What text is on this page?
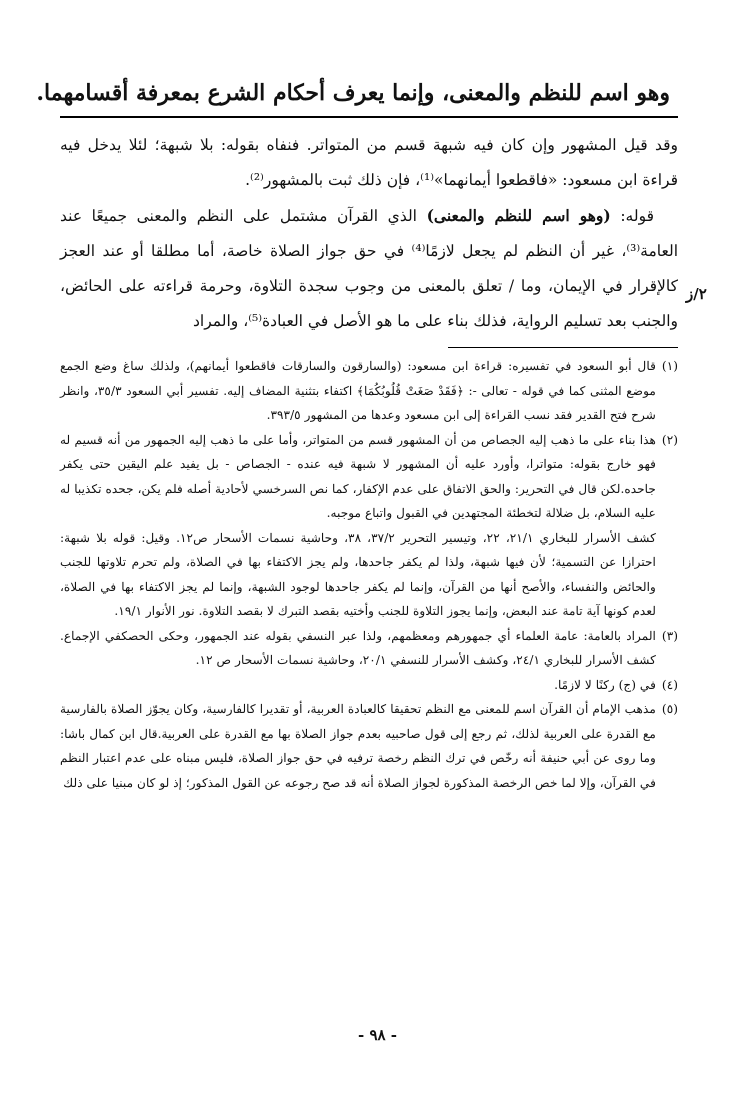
وهو اسم للنظم والمعنى، وإنما يعرف أحكام الشرع بمعرفة أقسامهما.

وقد قيل المشهور وإن كان فيه شبهة قسم من المتواتر. فنفاه بقوله: بلا شبهة؛ لئلا يدخل فيه قراءة ابن مسعود: «فاقطعوا أيمانهما»⁽¹⁾، فإن ذلك ثبت بالمشهور⁽²⁾.

قوله: (وهو اسم للنظم والمعنى) الذي القرآن مشتمل على النظم والمعنى جميعًا عند العامة⁽³⁾، غير أن النظم لم يجعل لازمًا⁽⁴⁾ في حق جواز الصلاة خاصة، أما مطلقا أو عند العجز كالإقرار في الإيمان، وما / تعلق بالمعنى من وجوب سجدة التلاوة، وحرمة قراءته على الحائض، والجنب بعد تسليم الرواية، فذلك بناء على ما هو الأصل في العبادة⁽⁵⁾، والمراد

(١)
قال أبو السعود في تفسيره: قراءة ابن مسعود: (والسارقون والسارقات فاقطعوا أيمانهم)، ولذلك ساغ وضع الجمع موضع المثنى كما في قوله - تعالى -: ﴿فَقَدْ صَغَتْ قُلُوبُكُمَا﴾ اكتفاء بتثنية المضاف إليه. تفسير أبي السعود ٣٥/٣، وانظر شرح فتح القدير فقد نسب القراءة إلى ابن مسعود وعدها من المشهور ٣٩٣/٥.
(٢)
هذا بناء على ما ذهب إليه الجصاص من أن المشهور قسم من المتواتر، وأما على ما ذهب إليه الجمهور من أنه قسيم له فهو خارج بقوله: متواترا، وأورد عليه أن المشهور لا شبهة فيه عنده - الجصاص - بل يفيد علم اليقين حتى يكفر جاحده.لكن قال في التحرير: والحق الاتفاق على عدم الإكفار، كما نص السرخسي لأحادية أصله فلم يكن، جحده تكذيبا له عليه السلام، بل ضلالة لتخطئة المجتهدين في القبول واتباع موجبه.
كشف الأسرار للبخاري ٢١/١، ٢٢، وتيسير التحرير ٣٧/٢، ٣٨، وحاشية نسمات الأسحار ص١٢. وقيل: قوله بلا شبهة: احترازا عن التسمية؛ لأن فيها شبهة، ولذا لم يكفر جاحدها، ولم يجز الاكتفاء بها في الصلاة، ولم تحرم تلاوتها للجنب والحائض والنفساء، والأصح أنها من القرآن، وإنما لم يكفر جاحدها لوجود الشبهة، وإنما لم يجز الاكتفاء بها في الصلاة، لعدم كونها آية تامة عند البعض، وإنما يجوز التلاوة للجنب وأختيه بقصد التبرك لا بقصد التلاوة. نور الأنوار ١٩/١.
(٣)
المراد بالعامة: عامة العلماء أي جمهورهم ومعظمهم، ولذا عبر النسفي بقوله عند الجمهور، وحكى الحصكفي الإجماع. كشف الأسرار للبخاري ٢٤/١، وكشف الأسرار للنسفي ٢٠/١، وحاشية نسمات الأسحار ص ١٢.
(٤)
في (ج) ركنًا لا لازمًا.
(٥)
مذهب الإمام أن القرآن اسم للمعنى مع النظم تحقيقا كالعبادة العربية، أو تقديرا كالفارسية، وكان يجوّز الصلاة بالفارسية مع القدرة على العربية لذلك، ثم رجع إلى قول صاحبيه بعدم جواز الصلاة بها مع القدرة على العربية.قال ابن كمال باشا: وما روى عن أبي حنيفة أنه رخّص في ترك النظم رخصة ترفيه في حق جواز الصلاة، فليس مبناه على عدم اعتبار النظم في القرآن، وإلا لما خص الرخصة المذكورة لجواز الصلاة أنه قد صح رجوعه عن القول المذكور؛ إذ لو كان مبنيا على ذلك
٢/ز
- ٩٨ -
